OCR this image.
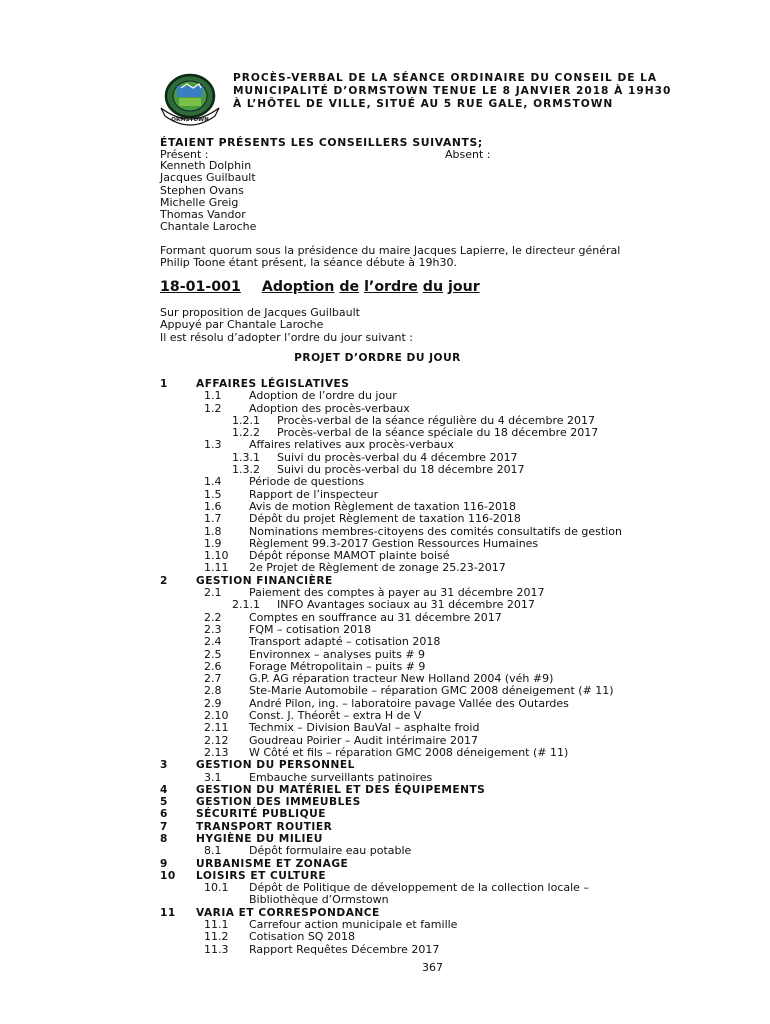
ORMSTOWN
PROCÈS-VERBAL DE LA SÉANCE ORDINAIRE DU CONSEIL DE LA
MUNICIPALITÉ D’ORMSTOWN TENUE LE 8 JANVIER 2018 À 19H30
À L’HÔTEL DE VILLE, SITUÉ AU 5 RUE GALE, ORMSTOWN
ÉTAIENT PRÉSENTS LES CONSEILLERS SUIVANTS;
Présent :	Absent :
Kenneth Dolphin
Jacques Guilbault
Stephen Ovans
Michelle Greig
Thomas Vandor
Chantale Laroche
Formant quorum sous la présidence du maire Jacques Lapierre, le directeur général
Philip Toone étant présent, la séance débute à 19h30.
18-01-001 Adoption de l’ordre du jour
Sur proposition de Jacques Guilbault
Appuyé par Chantale Laroche
Il est résolu d’adopter l’ordre du jour suivant :
PROJET D’ORDRE DU JOUR
1	AFFAIRES LÉGISLATIVES
1.1	Adoption de l’ordre du jour
1.2	Adoption des procès-verbaux
1.2.1 Procès-verbal de la séance régulière du 4 décembre 2017
1.2.2 Procès-verbal de la séance spéciale du 18 décembre 2017
1.3	Affaires relatives aux procès-verbaux
1.3.1 Suivi du procès-verbal du 4 décembre 2017
1.3.2 Suivi du procès-verbal du 18 décembre 2017
1.4	Période de questions
1.5	Rapport de l’inspecteur
1.6	Avis de motion Règlement de taxation 116-2018
1.7	Dépôt du projet Règlement de taxation 116-2018
1.8	Nominations membres-citoyens des comités consultatifs de gestion
1.9	Règlement 99.3-2017 Gestion Ressources Humaines
1.10 Dépôt réponse MAMOT plainte boisé
1.11 2e Projet de Règlement de zonage 25.23-2017
2	GESTION FINANCIÈRE
2.1	Paiement des comptes à payer au 31 décembre 2017
2.1.1 INFO Avantages sociaux au 31 décembre 2017
2.2	Comptes en souffrance au 31 décembre 2017
2.3	FQM – cotisation 2018
2.4	Transport adapté – cotisation 2018
2.5	Environnex – analyses puits # 9
2.6	Forage Métropolitain – puits # 9
2.7	G.P. AG réparation tracteur New Holland 2004 (véh #9)
2.8	Ste-Marie Automobile – réparation GMC 2008 déneigement (# 11)
2.9	André Pilon, ing. – laboratoire pavage Vallée des Outardes
2.10 Const. J. Théorêt – extra H de V
2.11 Techmix – Division BauVal – asphalte froid
2.12 Goudreau Poirier – Audit intérimaire 2017
2.13 W Côté et fils – réparation GMC 2008 déneigement (# 11)
3	GESTION DU PERSONNEL
3.1	Embauche surveillants patinoires
4	GESTION DU MATÉRIEL ET DES ÉQUIPEMENTS
5	GESTION DES IMMEUBLES
6	SÉCURITÉ PUBLIQUE
7	TRANSPORT ROUTIER
8	HYGIÈNE DU MILIEU
8.1	Dépôt formulaire eau potable
9	URBANISME ET ZONAGE
10 LOISIRS ET CULTURE
10.1 Dépôt de Politique de développement de la collection locale –
Bibliothèque d’Ormstown
11 VARIA ET CORRESPONDANCE
11.1 Carrefour action municipale et famille
11.2 Cotisation SQ 2018
11.3 Rapport Requêtes Décembre 2017
367
